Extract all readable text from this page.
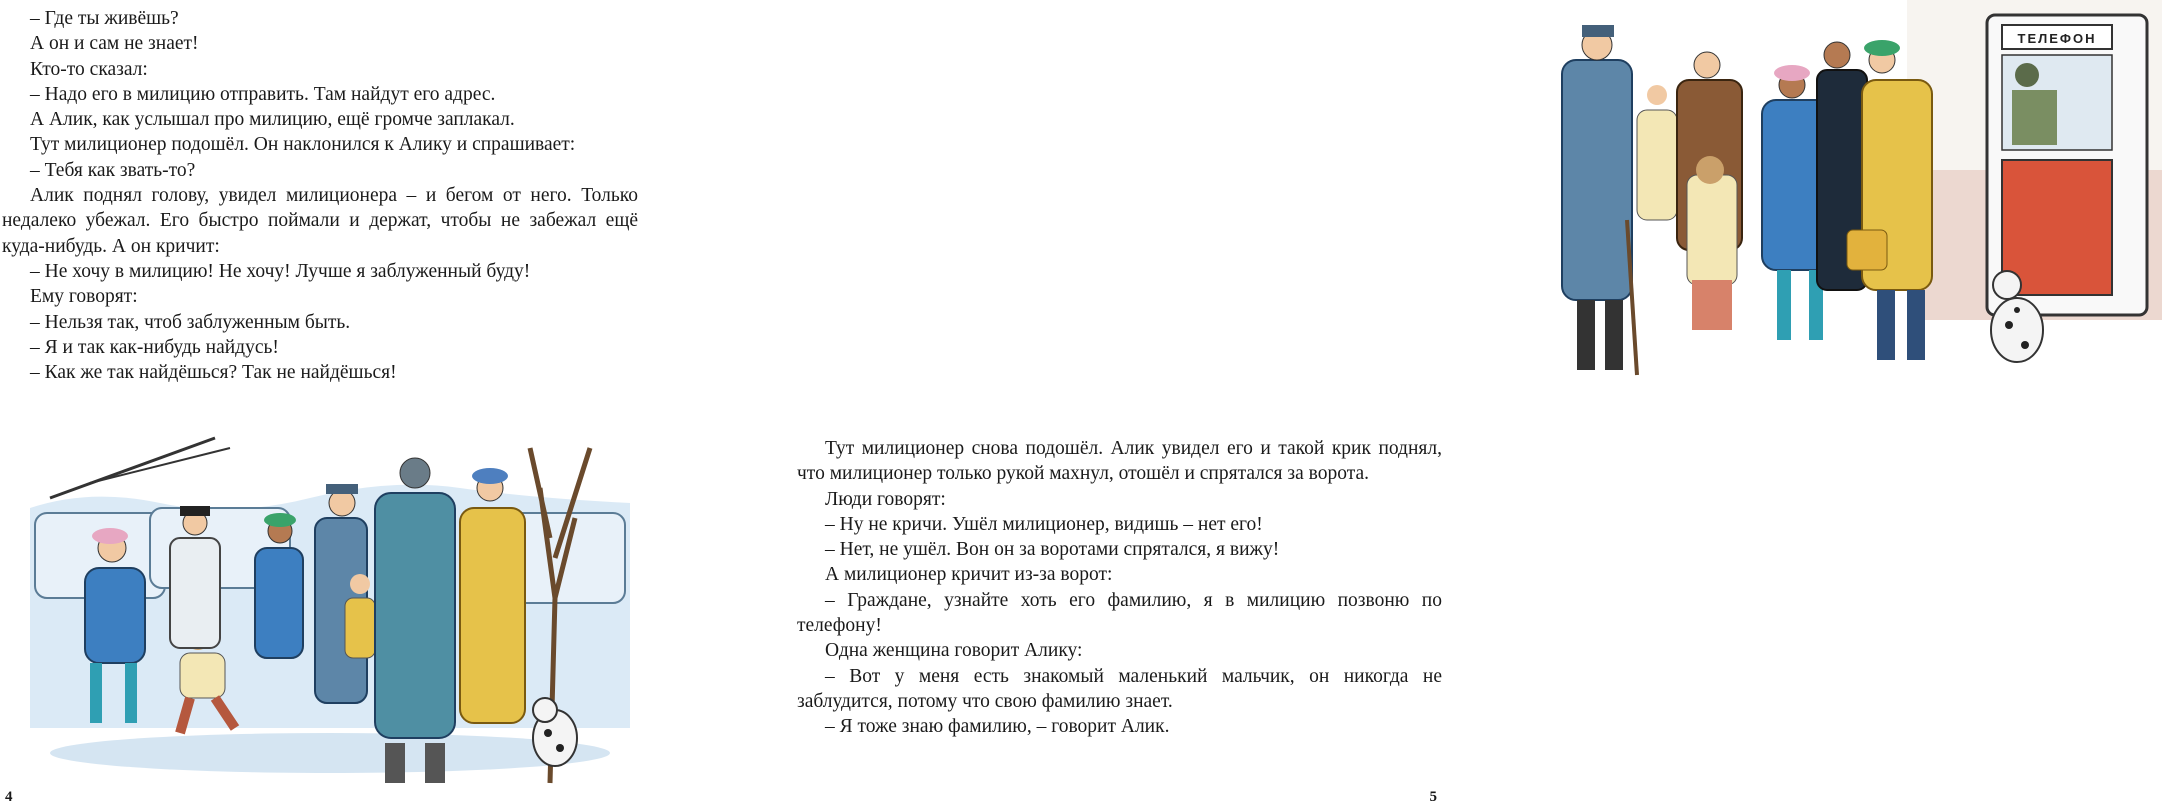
– Где ты живёшь?

А он и сам не знает!

Кто-то сказал:

– Надо его в милицию отправить. Там найдут его адрес.

А Алик, как услышал про милицию, ещё громче заплакал.

Тут милиционер подошёл. Он наклонился к Алику и спрашивает:

– Тебя как звать-то?

Алик поднял голову, увидел милиционера – и бегом от него. Только недалеко убежал. Его быстро поймали и держат, чтобы не забежал ещё куда-нибудь. А он кричит:

– Не хочу в милицию! Не хочу! Лучше я заблуженный буду!

Ему говорят:

– Нельзя так, чтоб заблуженным быть.

– Я и так как-нибудь найдусь!

– Как же так найдёшься? Так не найдёшься!

4
ТЕЛЕФОН

Тут милиционер снова подошёл. Алик увидел его и такой крик поднял, что милиционер только рукой махнул, отошёл и спрятался за ворота.

Люди говорят:

– Ну не кричи. Ушёл милиционер, видишь – нет его!

– Нет, не ушёл. Вон он за воротами спрятался, я вижу!

А милиционер кричит из-за ворот:

– Граждане, узнайте хоть его фамилию, я в милицию позвоню по телефону!

Одна женщина говорит Алику:

– Вот у меня есть знакомый маленький мальчик, он никогда не заблудится, потому что свою фамилию знает.

– Я тоже знаю фамилию, – говорит Алик.

5
